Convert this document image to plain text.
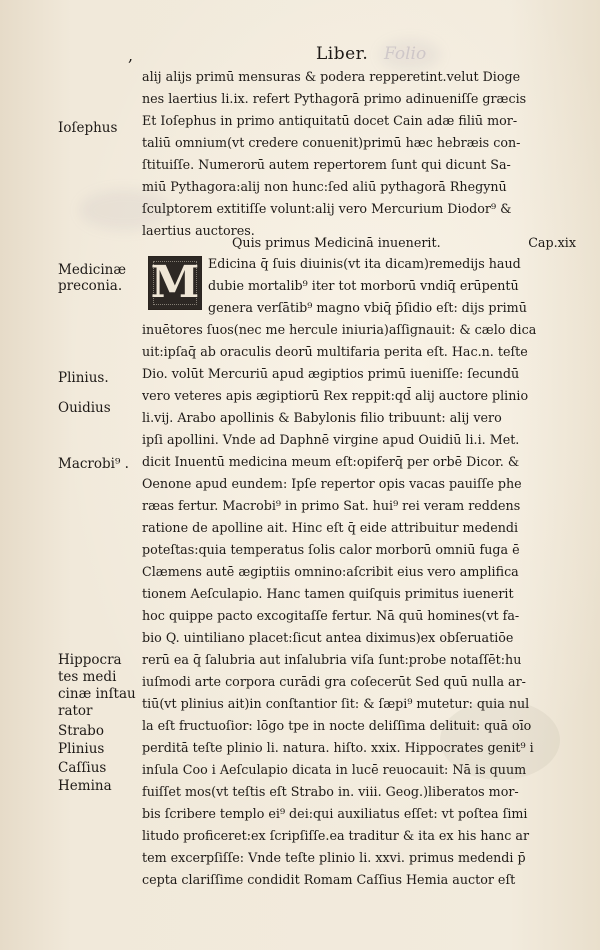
,	Liber. Folio
Ioſephus
Medicinæ
preconia.
Plinius.
Ouidius
Macrobi⁹ .
Hippocra
tes medi
cinæ inſtau
rator
Strabo
Plinius
Caſſius
Hemina
alij alijs primū mensuras & podera repperetint.velut Dioge
nes laertius li.ix. refert Pythagorā primo adinueniſſe græcis
Et Ioſephus in primo antiquitatū docet Cain adæ filiū mor-
taliū omnium(vt credere conuenit)primū hæc hebræis con-
ſtituiſſe. Numerorū autem repertorem ſunt qui dicunt Sa-
miū Pythagora:alij non hunc:ſed aliū pythagorā Rhegynū
ſculptorem extitiſſe volunt:alij vero Mercurium Diodor⁹ &
laertius auctores.
Quis primus Medicinā inuenerit.	Cap.xix
M Edicina q̄ ſuis diuinis(vt ita dicam)remedijs haud
dubie mortalib⁹ iter tot morborū vndiq̄ erūpentū
genera verſātib⁹ magno vbiq̄ p̄ſidio eſt: dijs primū
inuētores ſuos(nec me hercule iniuria)aſſignauit: & cælo dica
uit:ipſaq̄ ab oraculis deorū multifaria perita eſt. Hac.n. teſte
Dio. volūt Mercuriū apud ægiptios primū iueniſſe: ſecundū
vero veteres apis ægiptiorū Rex reppit:qd̄ alij auctore plinio
li.vij. Arabo apollinis & Babylonis filio tribuunt: alij vero
ipſi apollini. Vnde ad Daphnē virgine apud Ouidiū li.i. Met.
dicit Inuentū medicina meum eſt:opiferq̄ per orbē Dicor. &
Oenone apud eundem: Ipſe repertor opis vacas pauiſſe phe
ræas fertur. Macrobi⁹ in primo Sat. hui⁹ rei veram reddens
ratione de apolline ait. Hinc eſt q̄ eide attribuitur medendi
poteſtas:quia temperatus ſolis calor morborū omniū fuga ē
Clæmens autē ægiptiis omnino:aſcribit eius vero amplifica
tionem Aeſculapio. Hanc tamen quiſquis primitus iuenerit
hoc quippe pacto excogitaſſe fertur. Nā quū homines(vt fa-
bio Q. uintiliano placet:ſicut antea diximus)ex obſeruatiōe
rerū ea q̄ ſalubria aut inſalubria viſa ſunt:probe notaſſēt:hu
iuſmodi arte corpora curādi gra coſecerūt Sed quū nulla ar-
tiū(vt plinius ait)in conſtantior ſit: & ſæpi⁹ mutetur: quia nul
la eſt fructuoſior: lōgo tpe in nocte deliſſima delituit: quā oīo
perditā teſte plinio li. natura. hiſto. xxix. Hippocrates genit⁹ i
inſula Coo i Aeſculapio dicata in lucē reuocauit: Nā is quum
fuiſſet mos(vt teſtis eſt Strabo in. viii. Geog.)liberatos mor-
bis ſcribere templo ei⁹ dei:qui auxiliatus eſſet: vt poſtea ſimi
litudo proficeret:ex ſcripſiſſe.ea traditur & ita ex his hanc ar
tem excerpſiſſe: Vnde teſte plinio li. xxvi. primus medendi p̄
cepta clariſſime condidit Romam Caſſius Hemia auctor eſt
